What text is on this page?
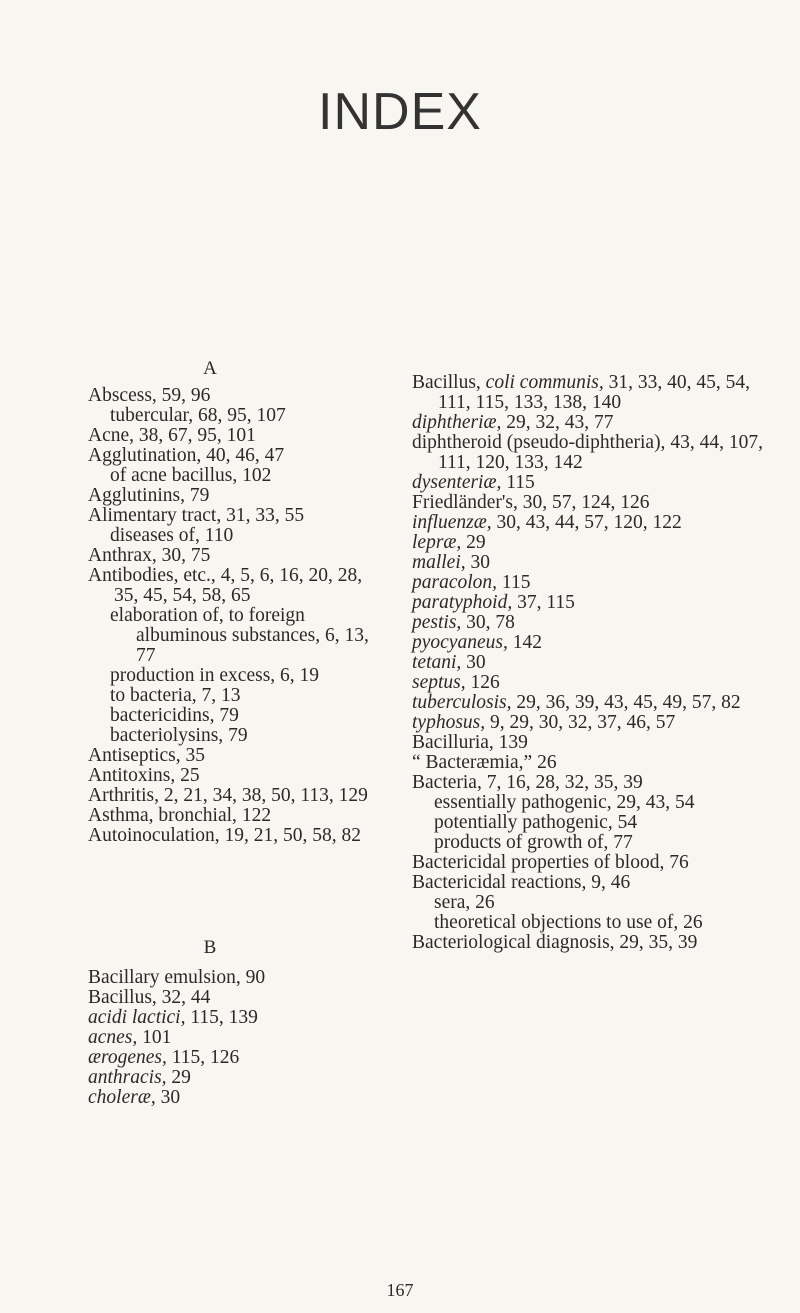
INDEX
A
Abscess, 59, 96
tubercular, 68, 95, 107
Acne, 38, 67, 95, 101
Agglutination, 40, 46, 47
of acne bacillus, 102
Agglutinins, 79
Alimentary tract, 31, 33, 55
diseases of, 110
Anthrax, 30, 75
Antibodies, etc., 4, 5, 6, 16, 20, 28, 35, 45, 54, 58, 65
elaboration of, to foreign albuminous substances, 6, 13, 77
production in excess, 6, 19
to bacteria, 7, 13
bactericidins, 79
bacteriolysins, 79
Antiseptics, 35
Antitoxins, 25
Arthritis, 2, 21, 34, 38, 50, 113, 129
Asthma, bronchial, 122
Autoinoculation, 19, 21, 50, 58, 82
B
Bacillary emulsion, 90
Bacillus, 32, 44
acidi lactici, 115, 139
acnes, 101
ærogenes, 115, 126
anthracis, 29
choleræ, 30
Bacillus, coli communis, 31, 33, 40, 45, 54, 111, 115, 133, 138, 140
diphtheriæ, 29, 32, 43, 77
diphtheroid (pseudo-diphtheria), 43, 44, 107, 111, 120, 133, 142
dysenteriæ, 115
Friedländer's, 30, 57, 124, 126
influenzæ, 30, 43, 44, 57, 120, 122
lepræ, 29
mallei, 30
paracolon, 115
paratyphoid, 37, 115
pestis, 30, 78
pyocyaneus, 142
tetani, 30
septus, 126
tuberculosis, 29, 36, 39, 43, 45, 49, 57, 82
typhosus, 9, 29, 30, 32, 37, 46, 57
Bacilluria, 139
“ Bacteræmia,” 26
Bacteria, 7, 16, 28, 32, 35, 39
essentially pathogenic, 29, 43, 54
potentially pathogenic, 54
products of growth of, 77
Bactericidal properties of blood, 76
Bactericidal reactions, 9, 46
sera, 26
theoretical objections to use of, 26
Bacteriological diagnosis, 29, 35, 39
167
